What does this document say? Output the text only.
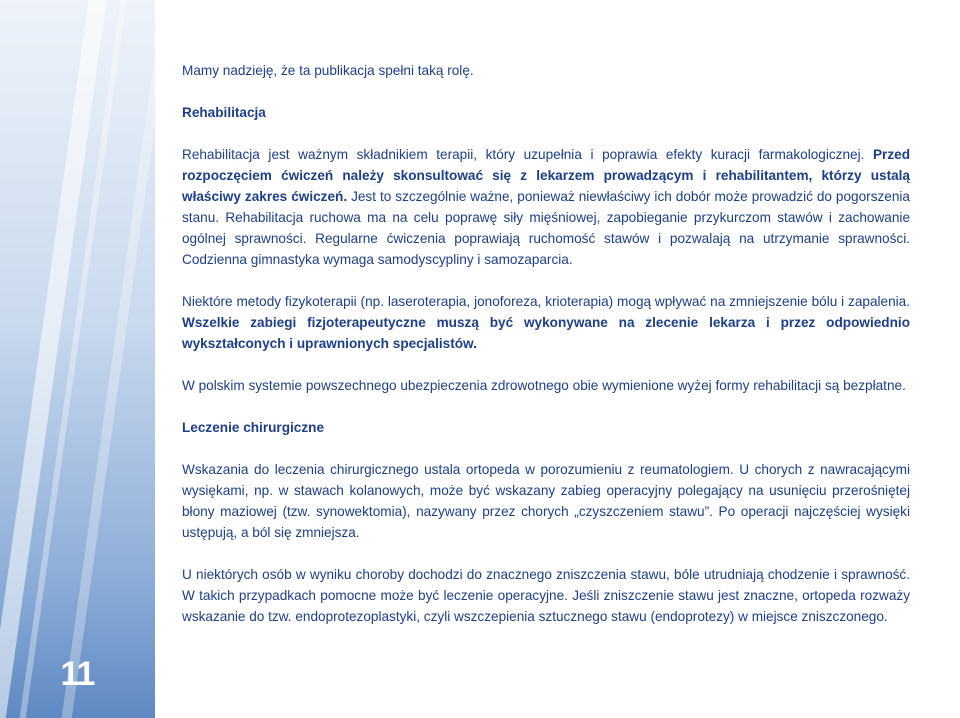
11

Mamy nadzieję, że ta publikacja spełni taką rolę.

Rehabilitacja

Rehabilitacja jest ważnym składnikiem terapii, który uzupełnia i poprawia efekty kuracji farmakologicznej. Przed rozpoczęciem ćwiczeń należy skonsultować się z lekarzem prowadzącym i rehabilitantem, którzy ustalą właściwy zakres ćwiczeń. Jest to szczególnie ważne, ponieważ niewłaściwy ich dobór może prowadzić do pogorszenia stanu. Rehabilitacja ruchowa ma na celu poprawę siły mięśniowej, zapobieganie przykurczom stawów i zachowanie ogólnej sprawności. Regularne ćwiczenia poprawiają ruchomość stawów i pozwalają na utrzymanie sprawności. Codzienna gimnastyka wymaga samodyscypliny i samozaparcia.

Niektóre metody fizykoterapii (np. laseroterapia, jonoforeza, krioterapia) mogą wpływać na zmniejszenie bólu i zapalenia. Wszelkie zabiegi fizjoterapeutyczne muszą być wykonywane na zlecenie lekarza i przez odpowiednio wykształconych i uprawnionych specjalistów.

W polskim systemie powszechnego ubezpieczenia zdrowotnego obie wymienione wyżej formy rehabilitacji są bezpłatne.

Leczenie chirurgiczne

Wskazania do leczenia chirurgicznego ustala ortopeda w porozumieniu z reumatologiem. U chorych z nawracającymi wysiękami, np. w stawach kolanowych, może być wskazany zabieg operacyjny polegający na usunięciu przerośniętej błony maziowej (tzw. synowektomia), nazywany przez chorych „czyszczeniem stawu”. Po operacji najczęściej wysięki ustępują, a ból się zmniejsza.

U niektórych osób w wyniku choroby dochodzi do znacznego zniszczenia stawu, bóle utrudniają chodzenie i sprawność. W takich przypadkach pomocne może być leczenie operacyjne. Jeśli zniszczenie stawu jest znaczne, ortopeda rozważy wskazanie do tzw. endoprotezoplastyki, czyli wszczepienia sztucznego stawu (endoprotezy) w miejsce zniszczonego.
